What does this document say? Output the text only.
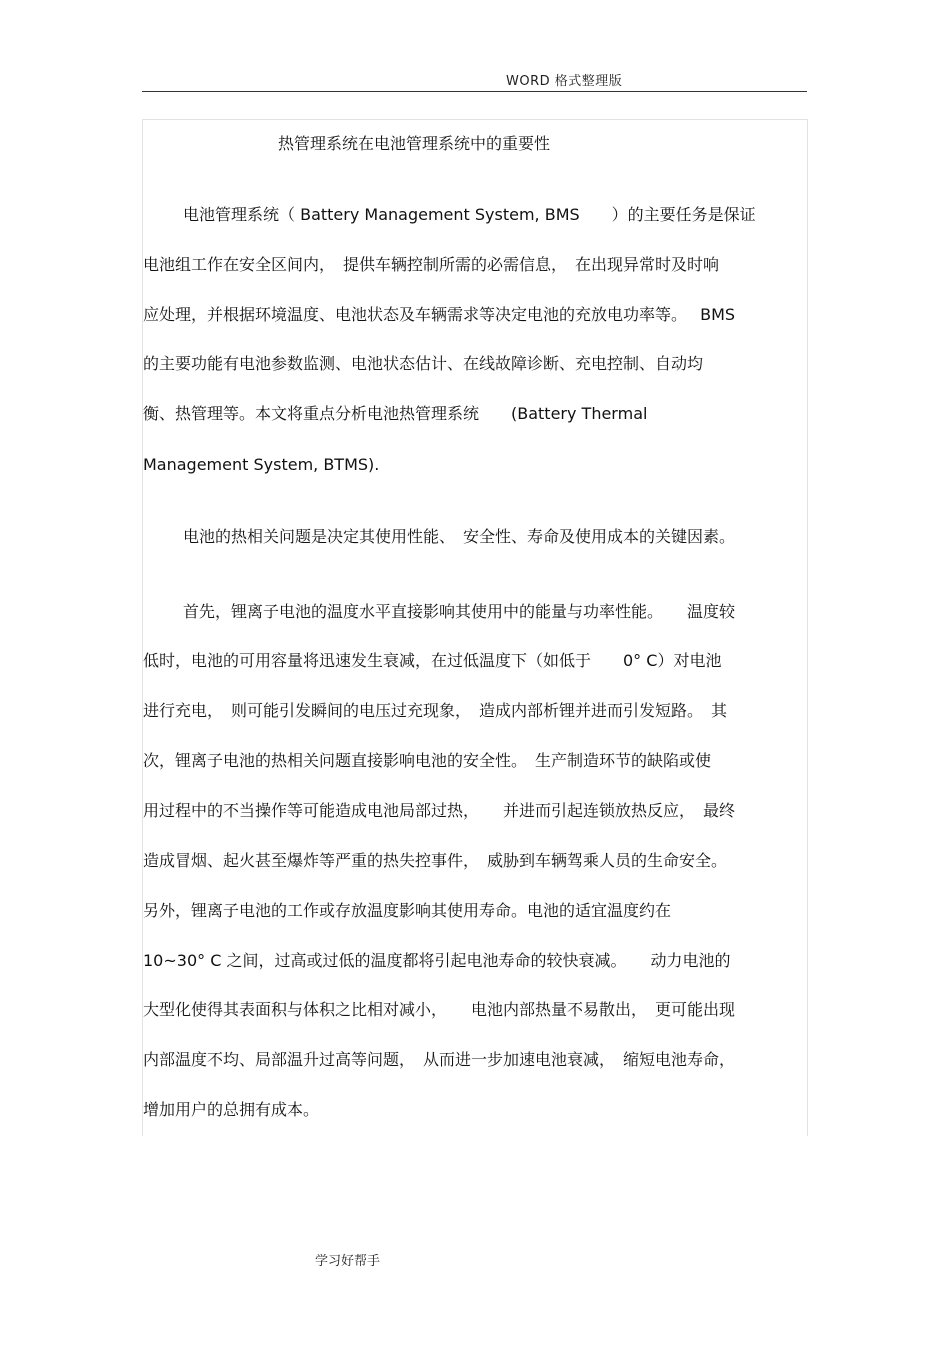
WORD 格式整理版
热管理系统在电池管理系统中的重要性
电池管理系统（ Battery Management System, BMS　　）的主要任务是保证
电池组工作在安全区间内，　提供车辆控制所需的必需信息，　在出现异常时及时响
应处理，并根据环境温度、电池状态及车辆需求等决定电池的充放电功率等。　 BMS
的主要功能有电池参数监测、电池状态估计、在线故障诊断、充电控制、自动均
衡、热管理等。本文将重点分析电池热管理系统　　(Battery Thermal
Management System, BTMS).
电池的热相关问题是决定其使用性能、　安全性、寿命及使用成本的关键因素。
首先，锂离子电池的温度水平直接影响其使用中的能量与功率性能。　　温度较
低时，电池的可用容量将迅速发生衰减，在过低温度下（如低于　　0° C）对电池
进行充电，　则可能引发瞬间的电压过充现象，　造成内部析锂并进而引发短路。　其
次，锂离子电池的热相关问题直接影响电池的安全性。　生产制造环节的缺陷或使
用过程中的不当操作等可能造成电池局部过热，　　并进而引起连锁放热反应，　最终
造成冒烟、起火甚至爆炸等严重的热失控事件，　威胁到车辆驾乘人员的生命安全。
另外，锂离子电池的工作或存放温度影响其使用寿命。电池的适宜温度约在
10~30° C 之间，过高或过低的温度都将引起电池寿命的较快衰减。　　动力电池的
大型化使得其表面积与体积之比相对减小，　　电池内部热量不易散出，　更可能出现
内部温度不均、局部温升过高等问题，　从而进一步加速电池衰减，　缩短电池寿命，
增加用户的总拥有成本。
学习好帮手
